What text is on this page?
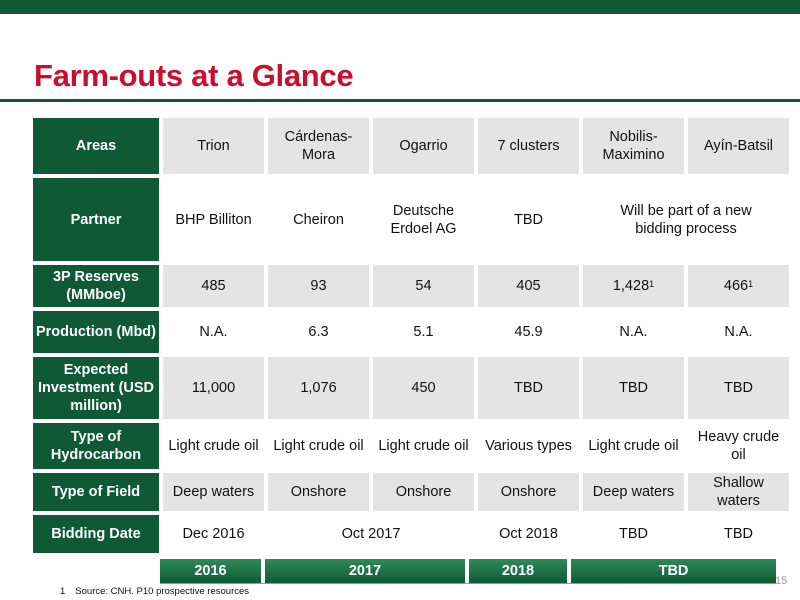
Farm-outs at a Glance
Areas	Trion	Cárdenas-Mora	Ogarrio	7 clusters	Nobilis-Maximino	Ayín-Batsil
Partner	BHP Billiton	Cheiron	Deutsche Erdoel AG	TBD	Will be part of a new bidding process	
3P Reserves (MMboe)	485	93	54	405	1,428$^1$	$466^1$
Production (Mbd)	N.A.	6.3	5.1	45.9	N.A.	N.A.
Expected Investment (USD million)	11,000	1,076	450	TBD	TBD	TBD
Type of Hydrocarbon	Light crude oil	Light crude oil	Light crude oil	Various types	Light crude oil	Heavy crude oil
Type of Field	Deep waters	Onshore	Onshore	Onshore	Deep waters	Shallow waters
Bidding Date	Dec 2016	Oct 2017		Oct 2018	TBD	TBD
2016	2017	2018	TBD
1 Source: CNH. P10 prospective resources
15
